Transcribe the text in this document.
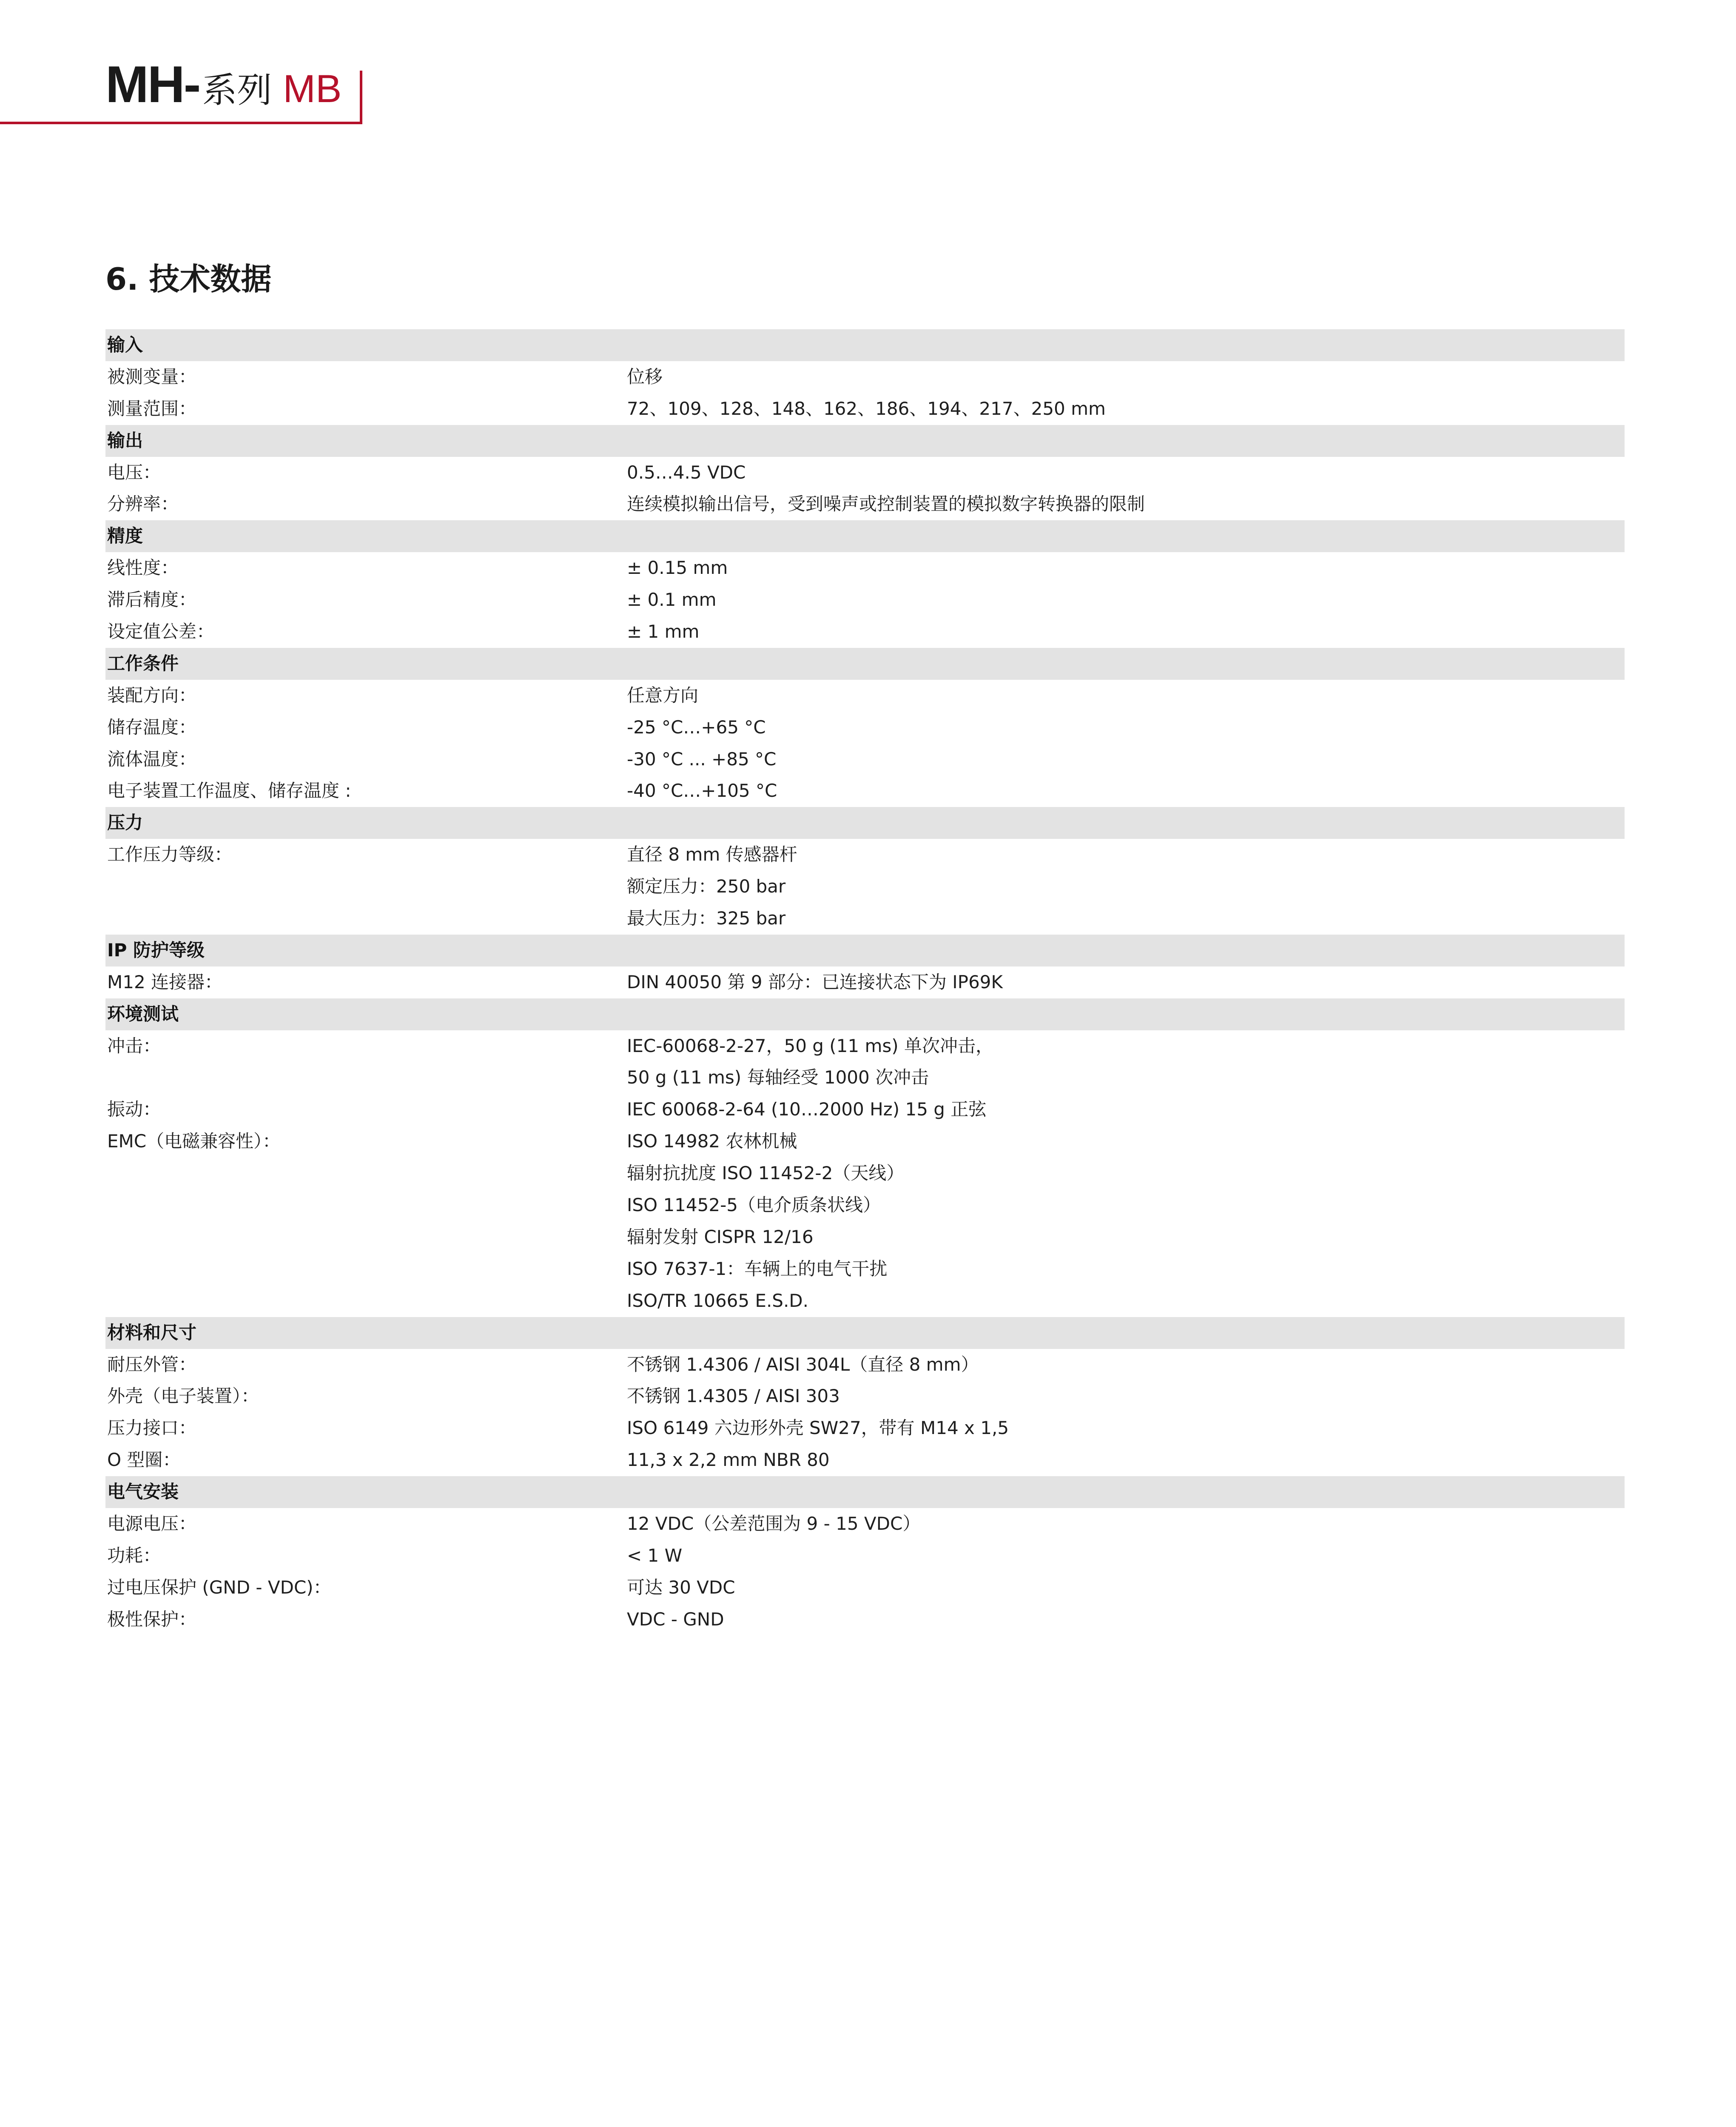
MH- 系列 MB
6. 技术数据
输入
被测变量：	位移
测量范围：	72、109、128、148、162、186、194、217、250 mm
输出
电压：	0.5…4.5 VDC
分辨率：	连续模拟输出信号，受到噪声或控制装置的模拟数字转换器的限制
精度
线性度：	± 0.15 mm
滞后精度：	± 0.1 mm
设定值公差：	± 1 mm
工作条件
装配方向：	任意方向
储存温度：	-25 °C…+65 °C
流体温度：	-30 °C ... +85 °C
电子装置工作温度、储存温度 :	-40 °C…+105 °C
压力
工作压力等级：	直径 8 mm 传感器杆
额定压力：250 bar
最大压力：325 bar
IP 防护等级
M12 连接器：	DIN 40050 第 9 部分：已连接状态下为 IP69K
环境测试
冲击：	IEC-60068-2-27，50 g (11 ms) 单次冲击，
50 g (11 ms) 每轴经受 1000 次冲击
振动：	IEC 60068-2-64 (10…2000 Hz) 15 g 正弦
EMC（电磁兼容性）：	ISO 14982 农林机械
辐射抗扰度 ISO 11452-2（天线）
ISO 11452-5（电介质条状线）
辐射发射 CISPR 12/16
ISO 7637-1：车辆上的电气干扰
ISO/TR 10665 E.S.D.
材料和尺寸
耐压外管：	不锈钢 1.4306 / AISI 304L（直径 8 mm）
外壳（电子装置）：	不锈钢 1.4305 / AISI 303
压力接口：	ISO 6149 六边形外壳 SW27，带有 M14 x 1,5
O 型圈：	11,3 x 2,2 mm NBR 80
电气安装
电源电压：	12 VDC（公差范围为 9 - 15 VDC）
功耗：	< 1 W
过电压保护 (GND - VDC)：	可达 30 VDC
极性保护：	VDC - GND
